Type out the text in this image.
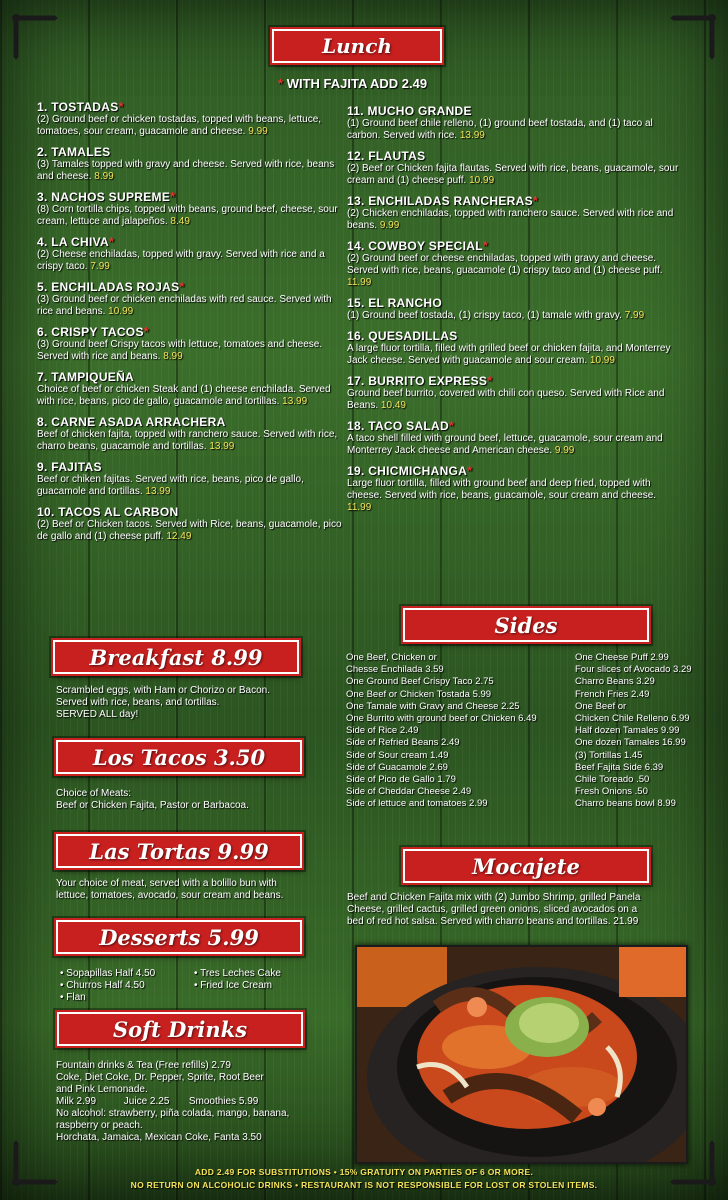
Lunch
* WITH FAJITA ADD 2.49
1. TOSTADAS*
(2) Ground beef or chicken tostadas, topped with beans, lettuce, tomatoes, sour cream, guacamole and cheese. 9.99
2. TAMALES
(3) Tamales topped with gravy and cheese. Served with rice, beans and cheese. 8.99
3. NACHOS SUPREME*
(8) Corn tortilla chips, topped with beans, ground beef, cheese, sour cream, lettuce and jalapeños. 8.49
4. LA CHIVA*
(2) Cheese enchiladas, topped with gravy. Served with rice and a crispy taco. 7.99
5. ENCHILADAS ROJAS*
(3) Ground beef or chicken enchiladas with red sauce. Served with rice and beans. 10.99
6. CRISPY TACOS*
(3) Ground beef Crispy tacos with lettuce, tomatoes and cheese. Served with rice and beans. 8.99
7. TAMPIQUEÑA
Choice of beef or chicken Steak and (1) cheese enchilada. Served with rice, beans, pico de gallo, guacamole and tortillas. 13.99
8. CARNE ASADA ARRACHERA
Beef of chicken fajita, topped with ranchero sauce. Served with rice, charro beans, guacamole and tortillas. 13.99
9. FAJITAS
Beef or chiken fajitas. Served with rice, beans, pico de gallo, guacamole and tortillas. 13.99
10. TACOS AL CARBON
(2) Beef or Chicken tacos. Served with Rice, beans, guacamole, pico de gallo and (1) cheese puff. 12.49
11. MUCHO GRANDE
(1) Ground beef chile relleno, (1) ground beef tostada, and (1) taco al carbon. Served with rice. 13.99
12. FLAUTAS
(2) Beef or Chicken fajita flautas. Served with rice, beans, guacamole, sour cream and (1) cheese puff. 10.99
13. ENCHILADAS RANCHERAS*
(2) Chicken enchiladas, topped with ranchero sauce. Served with rice and beans. 9.99
14. COWBOY SPECIAL*
(2) Ground beef or cheese enchiladas, topped with gravy and cheese. Served with rice, beans, guacamole (1) crispy taco and (1) cheese puff. 11.99
15. EL RANCHO
(1) Ground beef tostada, (1) crispy taco, (1) tamale with gravy. 7.99
16. QUESADILLAS
A large fluor tortilla, filled with grilled beef or chicken fajita, and Monterrey Jack cheese. Served with guacamole and sour cream. 10.99
17. BURRITO EXPRESS*
Ground beef burrito, covered with chili con queso. Served with Rice and Beans. 10.49
18. TACO SALAD*
A taco shell filled with ground beef, lettuce, guacamole, sour cream and Monterrey Jack cheese and American cheese. 9.99
19. CHICMICHANGA*
Large fluor tortilla, filled with ground beef and deep fried, topped with cheese. Served with rice, beans, guacamole, sour cream and cheese. 11.99
Breakfast 8.99
Scrambled eggs, with Ham or Chorizo or Bacon.
Served with rice, beans, and tortillas.
SERVED ALL day!
Los Tacos 3.50
Choice of Meats:
Beef or Chicken Fajita, Pastor or Barbacoa.
Las Tortas 9.99
Your choice of meat, served with a bolillo bun with
lettuce, tomatoes, avocado, sour cream and beans.
Desserts 5.99
• Sopapillas Half 4.50
• Churros Half 4.50
• Flan
• Tres Leches Cake
• Fried Ice Cream
Soft Drinks
Fountain drinks & Tea (Free refills) 2.79
Coke, Diet Coke, Dr. Pepper, Sprite, Root Beer
and Pink Lemonade.
Milk 2.99          Juice 2.25       Smoothies 5.99
No alcohol: strawberry, piña colada, mango, banana,
raspberry or peach.
Horchata, Jamaica, Mexican Coke, Fanta 3.50
Sides
One Beef, Chicken or
Chesse Enchilada 3.59
One Ground Beef Crispy Taco 2.75
One Beef or Chicken Tostada 5.99
One Tamale with Gravy and Cheese 2.25
One Burrito with ground beef or Chicken 6.49
Side of Rice 2.49
Side of Refried Beans 2.49
Side of Sour cream 1.49
Side of Guacamole 2.69
Side of Pico de Gallo 1.79
Side of Cheddar Cheese 2.49
Side of lettuce and tomatoes 2.99
One Cheese Puff 2.99
Four slices of Avocado 3.29
Charro Beans 3.29
French Fries 2.49
One Beef or
Chicken Chile Relleno 6.99
Half dozen Tamales 9.99
One dozen Tamales 16.99
(3) Tortillas 1.45
Beef Fajita Side 6.39
Chile Toreado .50
Fresh Onions .50
Charro beans bowl 8.99
Mocajete
Beef and Chicken Fajita mix with (2) Jumbo Shrimp, grilled Panela
Cheese, grilled cactus, grilled green onions, sliced avocados on a
bed of red hot salsa. Served with charro beans and tortillas. 21.99
ADD 2.49 FOR SUBSTITUTIONS • 15% GRATUITY ON PARTIES OF 6 OR MORE.
NO RETURN ON ALCOHOLIC DRINKS • RESTAURANT IS NOT RESPONSIBLE FOR LOST OR STOLEN ITEMS.
